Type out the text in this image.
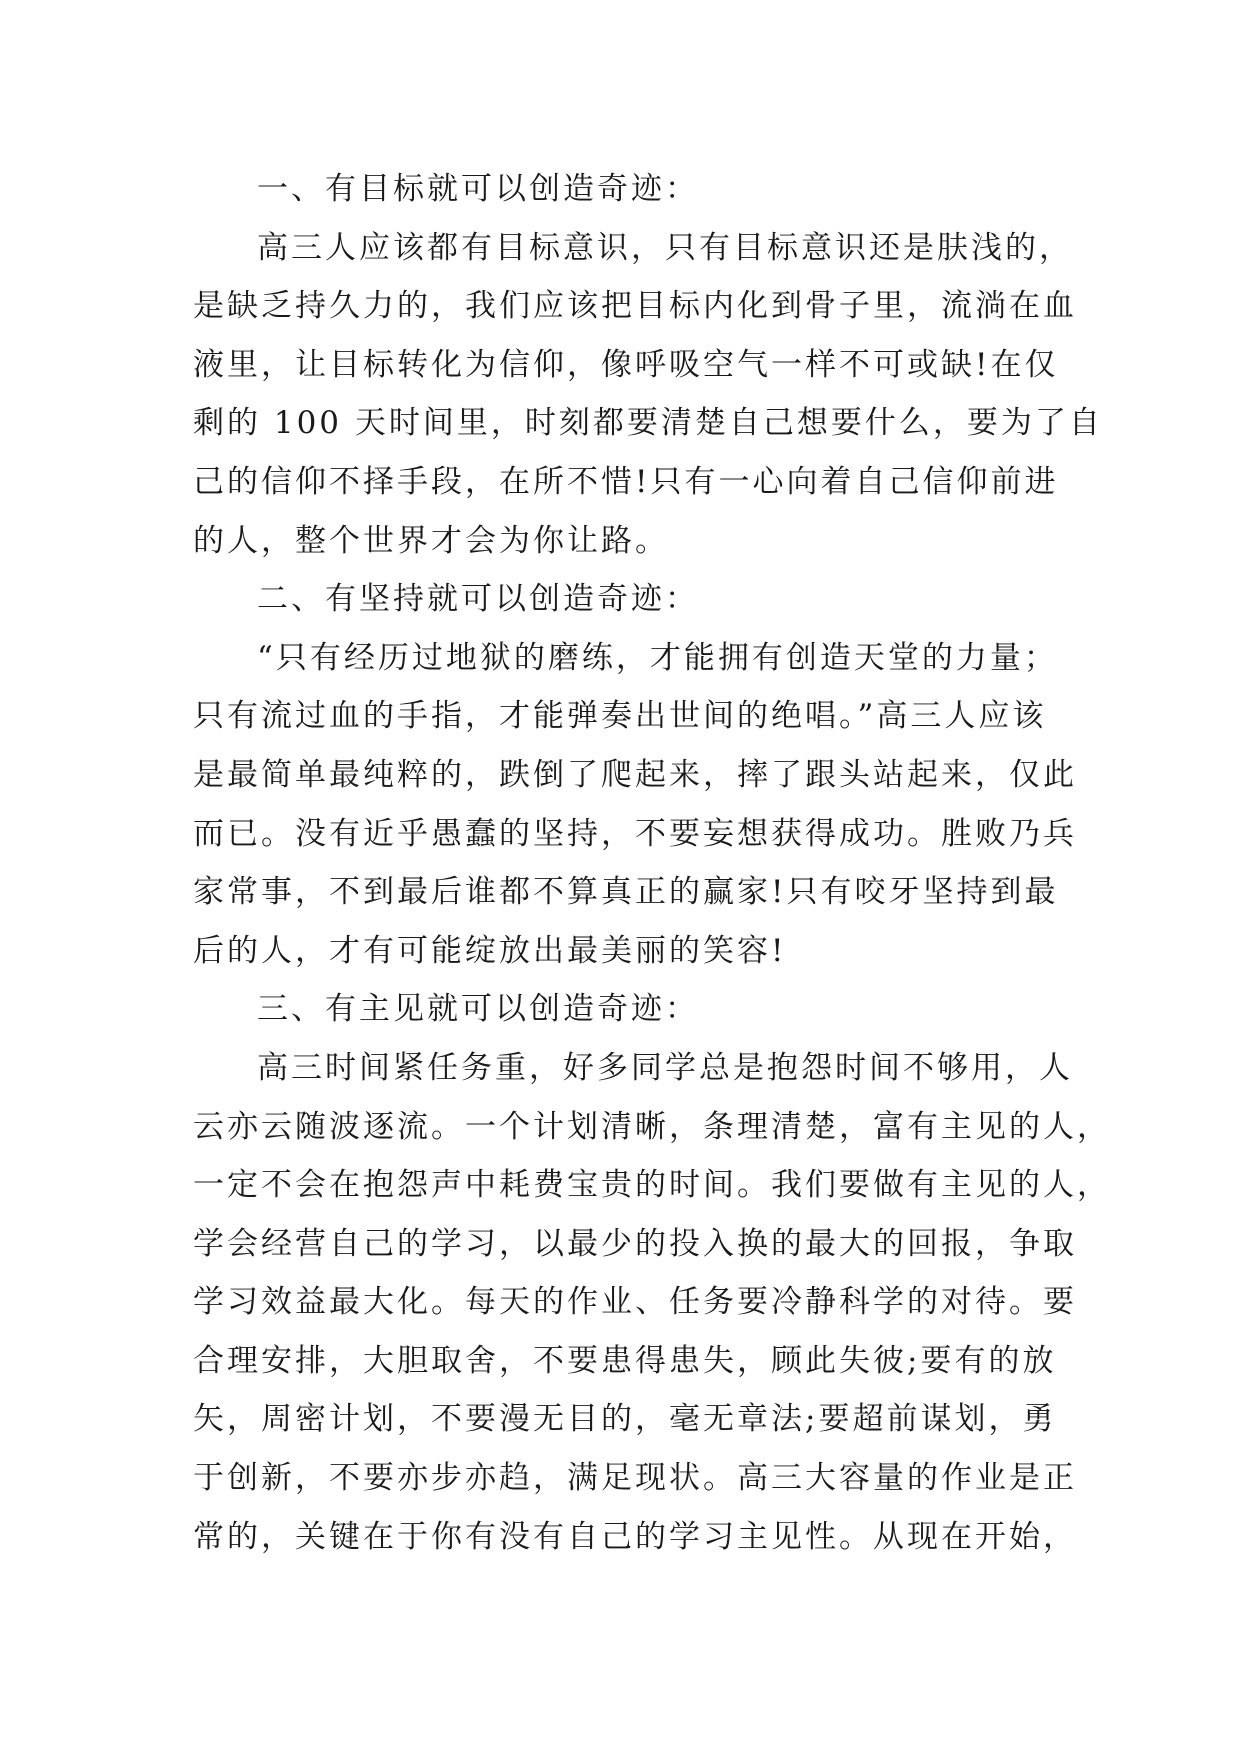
一、有目标就可以创造奇迹：
高三人应该都有目标意识，只有目标意识还是肤浅的，
是缺乏持久力的，我们应该把目标内化到骨子里，流淌在血
液里，让目标转化为信仰，像呼吸空气一样不可或缺!在仅
剩的 100 天时间里，时刻都要清楚自己想要什么，要为了自
己的信仰不择手段，在所不惜!只有一心向着自己信仰前进
的人，整个世界才会为你让路。
二、有坚持就可以创造奇迹：
“只有经历过地狱的磨练，才能拥有创造天堂的力量；
只有流过血的手指，才能弹奏出世间的绝唱。”高三人应该
是最简单最纯粹的，跌倒了爬起来，摔了跟头站起来，仅此
而已。没有近乎愚蠢的坚持，不要妄想获得成功。胜败乃兵
家常事，不到最后谁都不算真正的赢家!只有咬牙坚持到最
后的人，才有可能绽放出最美丽的笑容!
三、有主见就可以创造奇迹：
高三时间紧任务重，好多同学总是抱怨时间不够用，人
云亦云随波逐流。一个计划清晰，条理清楚，富有主见的人，
一定不会在抱怨声中耗费宝贵的时间。我们要做有主见的人，
学会经营自己的学习，以最少的投入换的最大的回报，争取
学习效益最大化。每天的作业、任务要冷静科学的对待。要
合理安排，大胆取舍，不要患得患失，顾此失彼;要有的放
矢，周密计划，不要漫无目的，毫无章法;要超前谋划，勇
于创新，不要亦步亦趋，满足现状。高三大容量的作业是正
常的，关键在于你有没有自己的学习主见性。从现在开始，
